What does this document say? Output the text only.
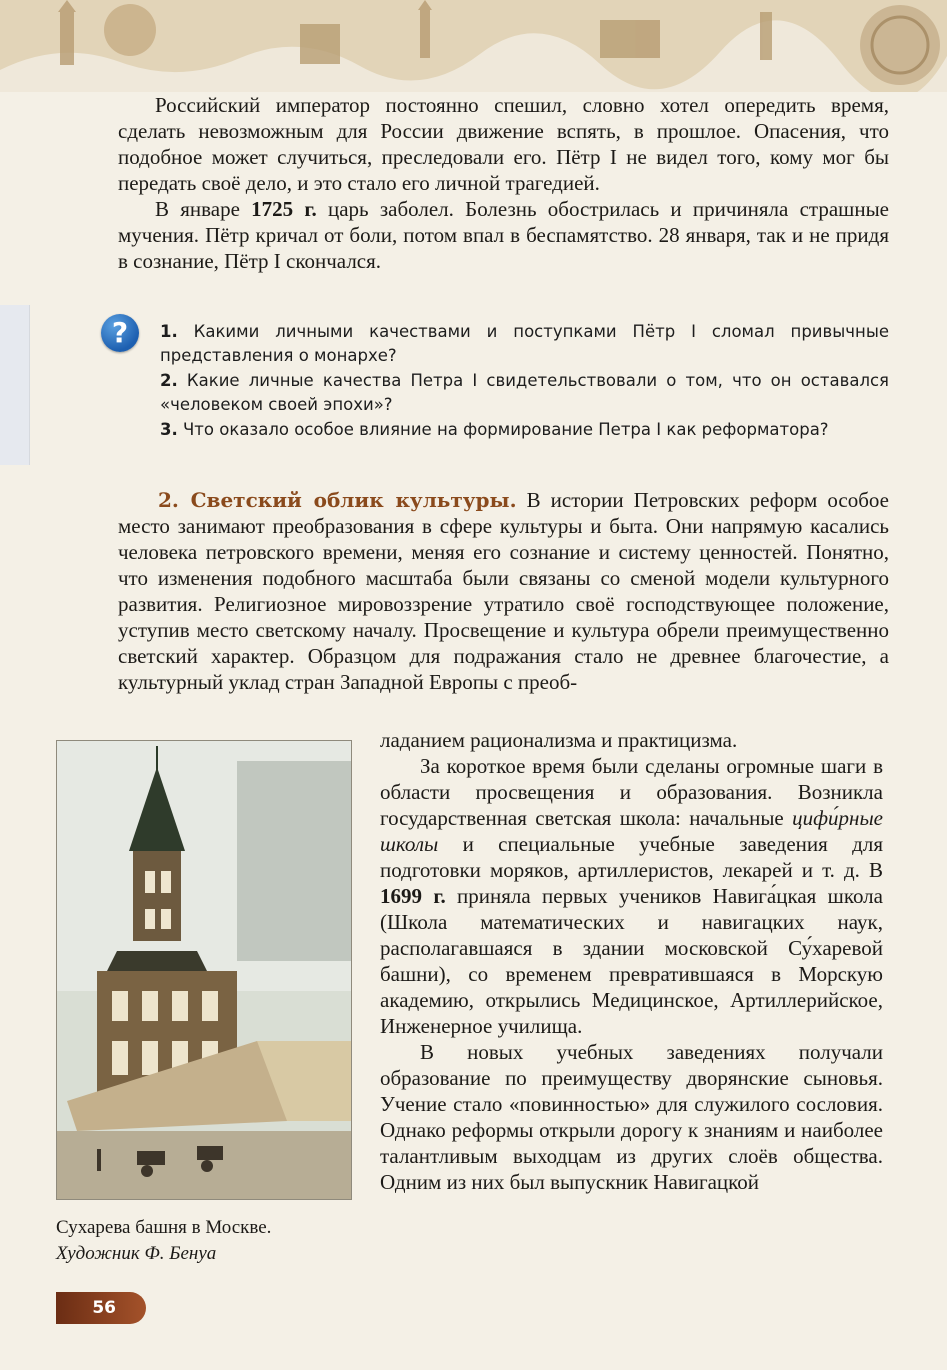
Российский император постоянно спешил, словно хотел опередить время, сделать невозможным для России движение вспять, в прошлое. Опасения, что подобное может случиться, преследовали его. Пётр I не видел того, кому мог бы передать своё дело, и это стало его личной трагедией.

В январе 1725 г. царь заболел. Болезнь обострилась и причиняла страшные мучения. Пётр кричал от боли, потом впал в беспамятство. 28 января, так и не придя в сознание, Пётр I скончался.

?	1. Какими личными качествами и поступками Пётр I сломал привычные представления о монархе?

2. Какие личные качества Петра I свидетельствовали о том, что он оставался «человеком своей эпохи»?

3. Что оказало особое влияние на формирование Петра I как реформатора?

2. Светский облик культуры. В истории Петровских реформ особое место занимают преобразования в сфере культуры и быта. Они напрямую касались человека петровского времени, меняя его сознание и систему ценностей. Понятно, что изменения подобного масштаба были связаны со сменой модели культурного развития. Религиозное мировоззрение утратило своё господствующее положение, уступив место светскому началу. Просвещение и культура обрели преимущественно светский характер. Образцом для подражания стало не древнее благочестие, а культурный уклад стран Западной Европы с преоб-

Сухарева башня в Москве.
Художник Ф. Бенуа

ладанием рационализма и практицизма.

За короткое время были сделаны огромные шаги в области просвещения и образования. Возникла государственная светская школа: начальные цифи́рные школы и специальные учебные заведения для подготовки моряков, артиллеристов, лекарей и т. д. В 1699 г. приняла первых учеников Навига́цкая школа (Школа математических и навигацких наук, располагавшаяся в здании московской Су́харевой башни), со временем превратившаяся в Морскую академию, открылись Медицинское, Артиллерийское, Инженерное училища.

В новых учебных заведениях получали образование по преимуществу дворянские сыновья. Учение стало «повинностью» для служилого сословия. Однако реформы открыли дорогу к знаниям и наиболее талантливым выходцам из других слоёв общества. Одним из них был выпускник Навигацкой

56
